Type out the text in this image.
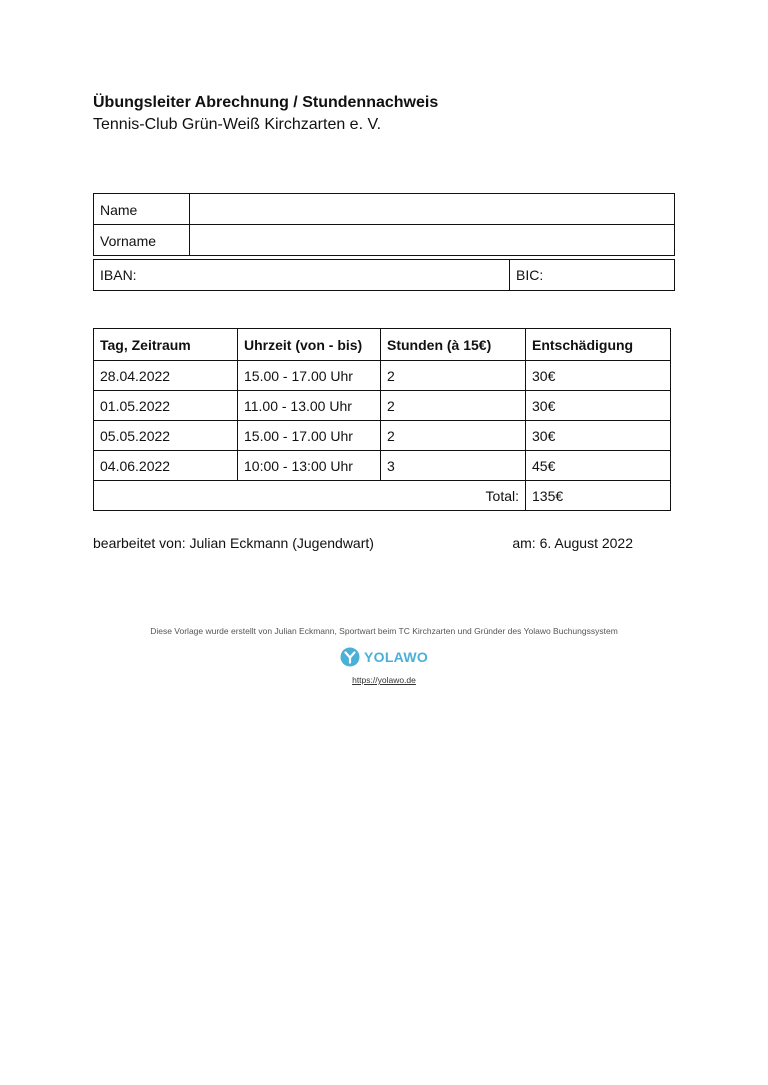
Übungsleiter Abrechnung / Stundennachweis
Tennis-Club Grün-Weiß Kirchzarten e. V.
Name	
Vorname	
IBAN:	BIC:
Tag, Zeitraum	Uhrzeit (von - bis)	Stunden (à 15€)	Entschädigung
28.04.2022	15.00 - 17.00 Uhr	2	30€
01.05.2022	11.00 - 13.00 Uhr	2	30€
05.05.2022	15.00 - 17.00 Uhr	2	30€
04.06.2022	10:00 - 13:00 Uhr	3	45€
Total:			135€
bearbeitet von: Julian Eckmann (Jugendwart)	am: 6. August 2022
Diese Vorlage wurde erstellt von Julian Eckmann, Sportwart beim TC Kirchzarten und Gründer des Yolawo Buchungssystem
YOLAWO
https://yolawo.de
